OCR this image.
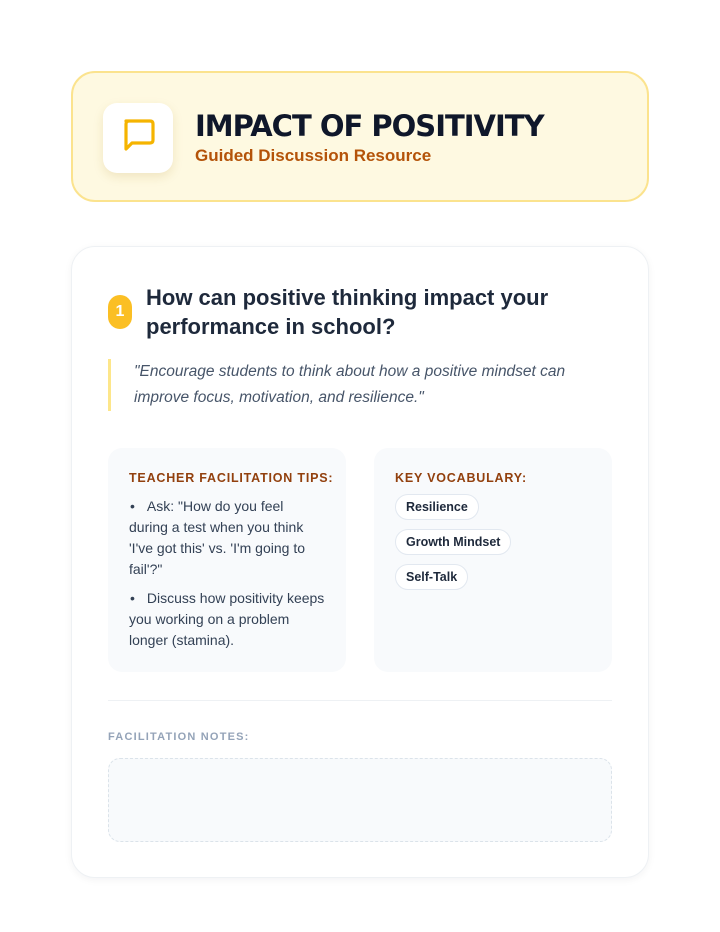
IMPACT OF POSITIVITY
Guided Discussion Resource
1
How can positive thinking impact your performance in school?
"Encourage students to think about how a positive mindset can improve focus, motivation, and resilience."
TEACHER FACILITATION TIPS:
• Ask: "How do you feel during a test when you think 'I've got this' vs. 'I'm going to fail'?"
• Discuss how positivity keeps you working on a problem longer (stamina).
KEY VOCABULARY:
Resilience
Growth Mindset
Self-Talk
FACILITATION NOTES:
